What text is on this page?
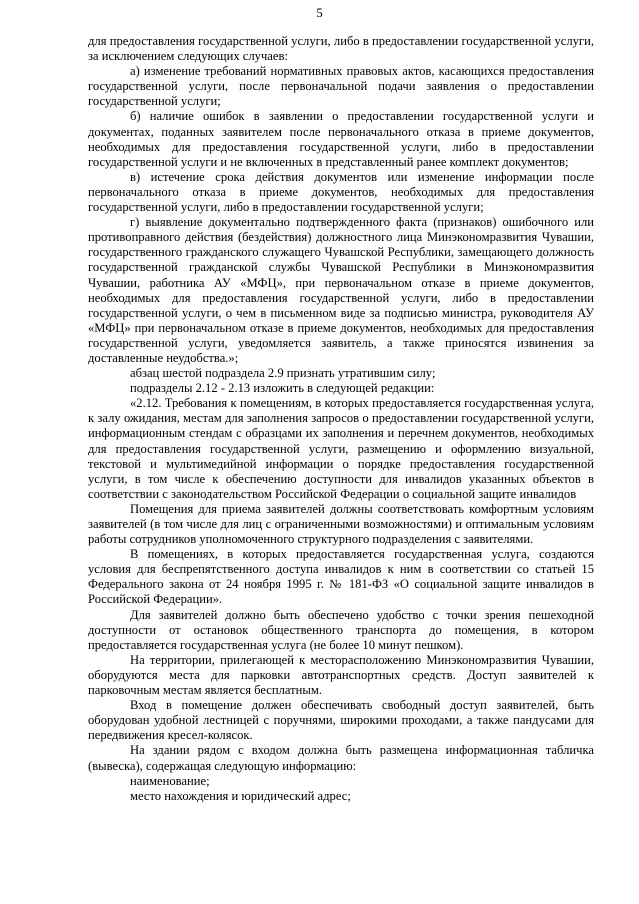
5

для предоставления государственной услуги, либо в предоставлении государственной услуги, за исключением следующих случаев:

а) изменение требований нормативных правовых актов, касающихся предоставления государственной услуги, после первоначальной подачи заявления о предоставлении государственной услуги;

б) наличие ошибок в заявлении о предоставлении государственной услуги и документах, поданных заявителем после первоначального отказа в приеме документов, необходимых для предоставления государственной услуги, либо в предоставлении государственной услуги и не включенных в представленный ранее комплект документов;

в) истечение срока действия документов или изменение информации после первоначального отказа в приеме документов, необходимых для предоставления государственной услуги, либо в предоставлении государственной услуги;

г) выявление документально подтвержденного факта (признаков) ошибочного или противоправного действия (бездействия) должностного лица Минэкономразвития Чувашии, государственного гражданского служащего Чувашской Республики, замещающего должность государственной гражданской службы Чувашской Республики в Минэкономразвития Чувашии, работника АУ «МФЦ», при первоначальном отказе в приеме документов, необходимых для предоставления государственной услуги, либо в предоставлении государственной услуги, о чем в письменном виде за подписью министра, руководителя АУ «МФЦ» при первоначальном отказе в приеме документов, необходимых для предоставления государственной услуги, уведомляется заявитель, а также приносятся извинения за доставленные неудобства.»;

абзац шестой подраздела 2.9 признать утратившим силу;

подразделы 2.12 - 2.13 изложить в следующей редакции:

«2.12. Требования к помещениям, в которых предоставляется государственная услуга, к залу ожидания, местам для заполнения запросов о предоставлении государственной услуги, информационным стендам с образцами их заполнения и перечнем документов, необходимых для предоставления государственной услуги, размещению и оформлению визуальной, текстовой и мультимедийной информации о порядке предоставления государственной услуги, в том числе к обеспечению доступности для инвалидов указанных объектов в соответствии с законодательством Российской Федерации о социальной защите инвалидов

Помещения для приема заявителей должны соответствовать комфортным условиям заявителей (в том числе для лиц с ограниченными возможностями) и оптимальным условиям работы сотрудников уполномоченного структурного подразделения с заявителями.

В помещениях, в которых предоставляется государственная услуга, создаются условия для беспрепятственного доступа инвалидов к ним в соответствии со статьей 15 Федерального закона от 24 ноября 1995 г. № 181-ФЗ «О социальной защите инвалидов в Российской Федерации».

Для заявителей должно быть обеспечено удобство с точки зрения пешеходной доступности от остановок общественного транспорта до помещения, в котором предоставляется государственная услуга (не более 10 минут пешком).

На территории, прилегающей к месторасположению Минэкономразвития Чувашии, оборудуются места для парковки автотранспортных средств. Доступ заявителей к парковочным местам является бесплатным.

Вход в помещение должен обеспечивать свободный доступ заявителей, быть оборудован удобной лестницей с поручнями, широкими проходами, а также пандусами для передвижения кресел-колясок.

На здании рядом с входом должна быть размещена информационная табличка (вывеска), содержащая следующую информацию:

наименование;

место нахождения и юридический адрес;
